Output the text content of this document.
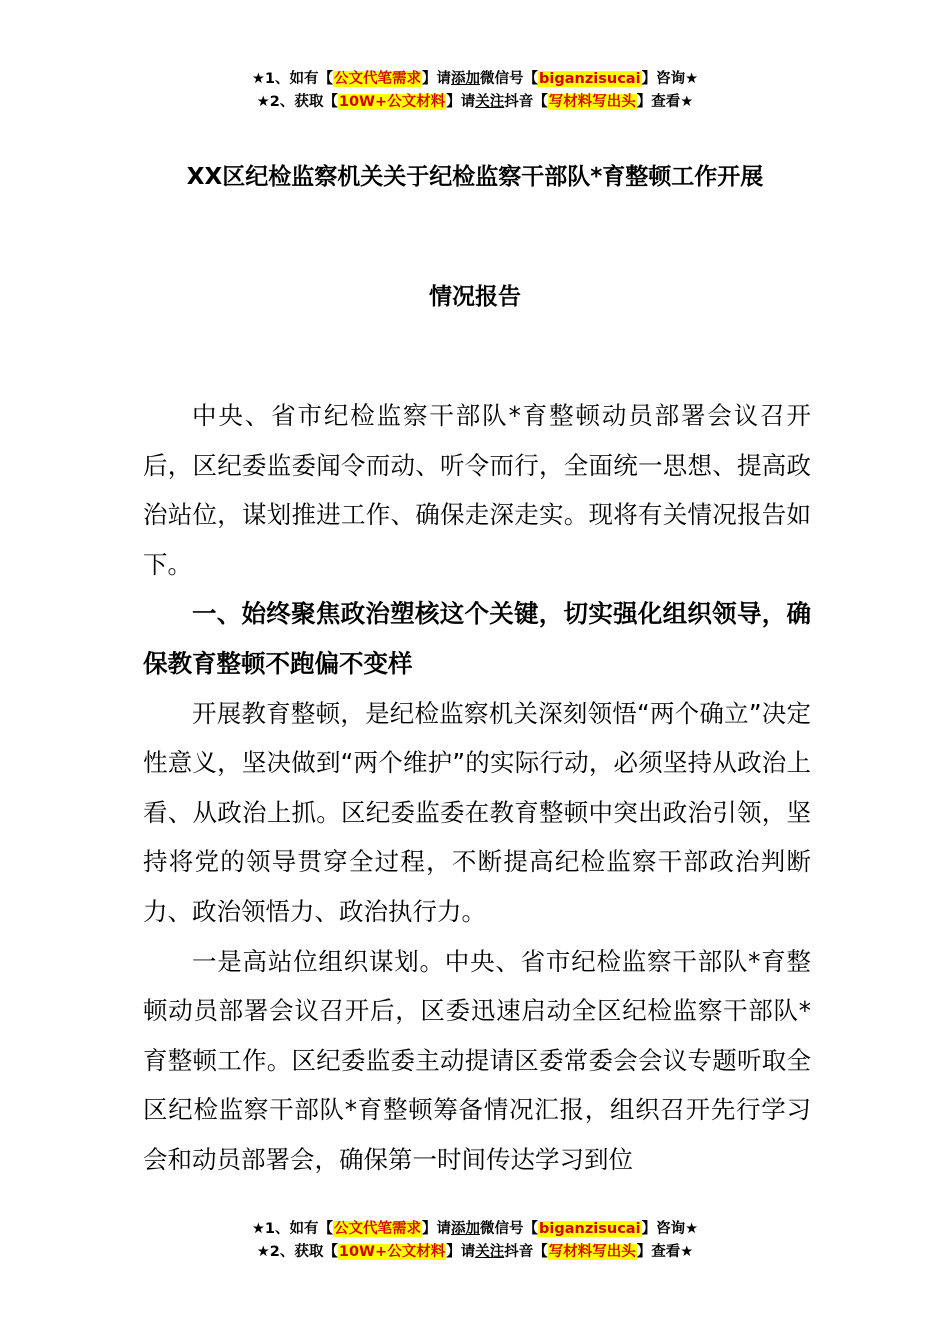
★1、如有【公文代笔需求】请添加微信号【biganzisucai】咨询★
★2、获取【10W+公文材料】请关注抖音【写材料写出头】查看★
XX区纪检监察机关关于纪检监察干部队*育整顿工作开展
情况报告

中央、省市纪检监察干部队*育整顿动员部署会议召开后，区纪委监委闻令而动、听令而行，全面统一思想、提高政治站位，谋划推进工作、确保走深走实。现将有关情况报告如下。

一、始终聚焦政治塑核这个关键，切实强化组织领导，确保教育整顿不跑偏不变样

开展教育整顿，是纪检监察机关深刻领悟“两个确立”决定性意义，坚决做到“两个维护”的实际行动，必须坚持从政治上看、从政治上抓。区纪委监委在教育整顿中突出政治引领，坚持将党的领导贯穿全过程，不断提高纪检监察干部政治判断力、政治领悟力、政治执行力。

一是高站位组织谋划。中央、省市纪检监察干部队*育整顿动员部署会议召开后，区委迅速启动全区纪检监察干部队*育整顿工作。区纪委监委主动提请区委常委会会议专题听取全区纪检监察干部队*育整顿筹备情况汇报，组织召开先行学习会和动员部署会，确保第一时间传达学习到位

★1、如有【公文代笔需求】请添加微信号【biganzisucai】咨询★
★2、获取【10W+公文材料】请关注抖音【写材料写出头】查看★
